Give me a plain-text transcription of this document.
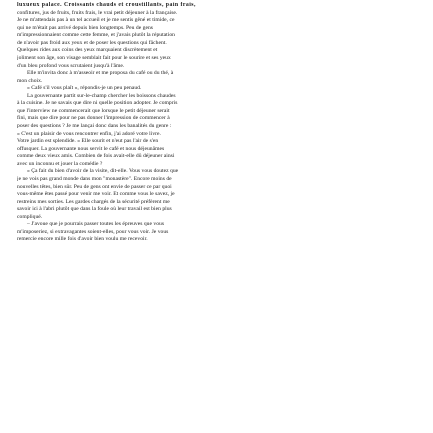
luxueux palace. Croissants chauds et croustillants, pain frais,
confitures, jus de fruits, fruits frais, le vrai petit déjeuner à la française.
Je ne m'attendais pas à un tel accueil et je me sentis gêné et timide, ce
qui ne m'était pas arrivé depuis bien longtemps. Peu de gens
m'impressionnaient comme cette femme, et j'avais plutôt la réputation
de n'avoir pas froid aux yeux et de poser les questions qui fâchent.
Quelques rides aux coins des yeux marquaient discrètement et
joliment son âge, son visage semblait fait pour le sourire et ses yeux
d'un bleu profond vous scrutaient jusqu'à l'âme.
Elle m'invita donc à m'asseoir et me proposa du café ou du thé, à
mon choix.
« Café s'il vous plaît », répondis-je un peu penaud.
La gouvernante partit sur-le-champ chercher les boissons chaudes
à la cuisine. Je ne savais que dire ni quelle position adopter. Je compris
que l'interview ne commencerait que lorsque le petit déjeuner serait
fini, mais que dire pour ne pas donner l'impression de commencer à
poser des questions ? Je me lançai donc dans les banalités du genre :
« C'est un plaisir de vous rencontrer enfin, j'ai adoré votre livre.
Votre jardin est splendide. » Elle sourit et n'eut pas l'air de s'en
offusquer. La gouvernante nous servit le café et nous déjeunâmes
comme deux vieux amis. Combien de fois avait-elle dû déjeuner ainsi
avec un inconnu et jouer la comédie ?
« Ça fait du bien d'avoir de la visite, dit-elle. Vous vous doutez que
je ne vois pas grand monde dans mon "monastère". Encore moins de
nouvelles têtes, bien sûr. Peu de gens ont envie de passer ce par quoi
vous-même êtes passé pour venir me voir. Et comme vous le savez, je
restreins mes sorties. Les gardes chargés de la sécurité préfèrent me
savoir ici à l'abri plutôt que dans la foule où leur travail est bien plus
compliqué.
– J'avoue que je pourrais passer toutes les épreuves que vous
m'imposeriez, si extravagantes soient-elles, pour vous voir. Je vous
remercie encore mille fois d'avoir bien voulu me recevoir.
